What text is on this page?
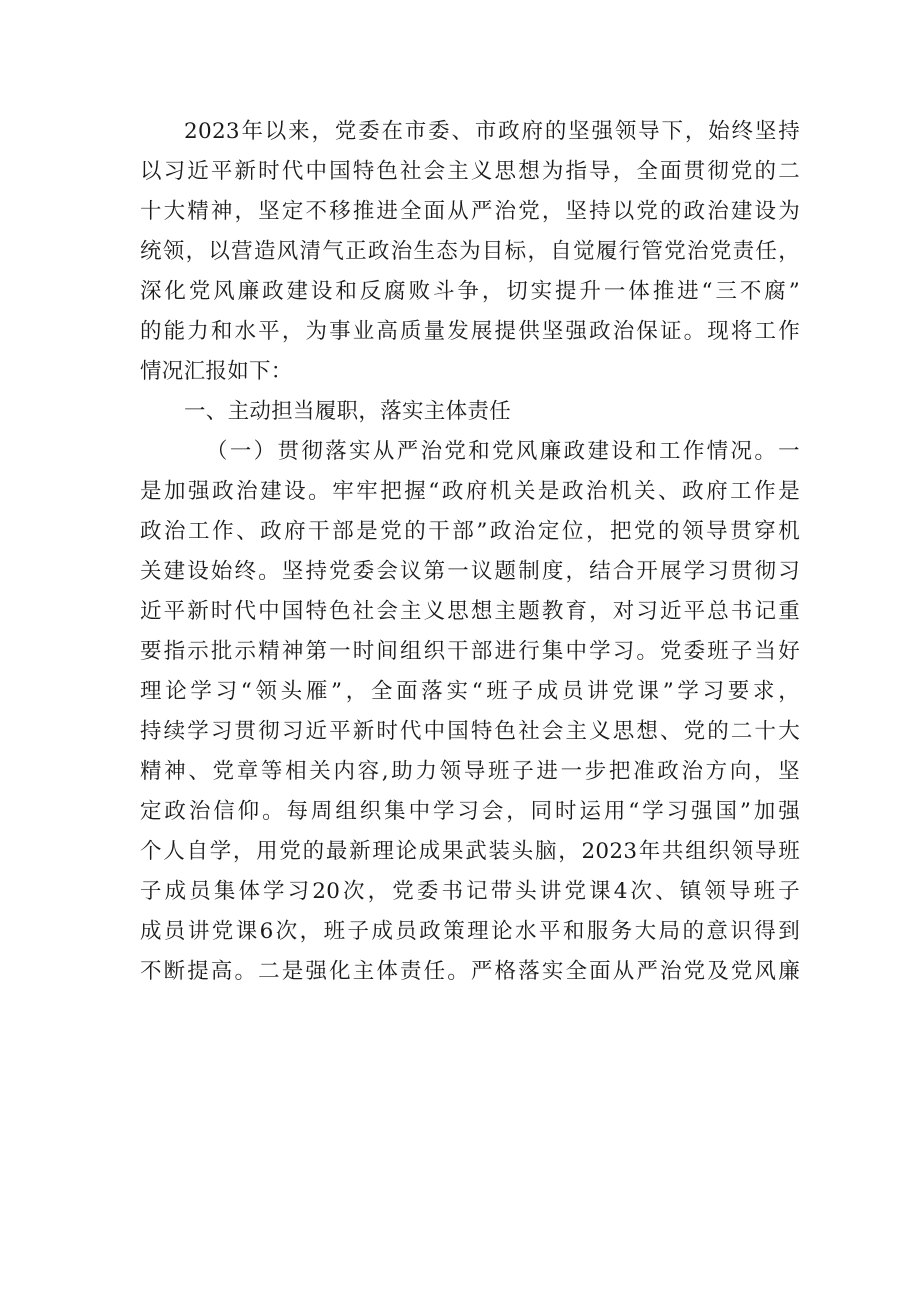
2023年以来，党委在市委、市政府的坚强领导下，始终坚持
以习近平新时代中国特色社会主义思想为指导，全面贯彻党的二
十大精神，坚定不移推进全面从严治党，坚持以党的政治建设为
统领，以营造风清气正政治生态为目标，自觉履行管党治党责任，
深化党风廉政建设和反腐败斗争，切实提升一体推进“三不腐”
的能力和水平，为事业高质量发展提供坚强政治保证。现将工作
情况汇报如下：
一、主动担当履职，落实主体责任
（一）贯彻落实从严治党和党风廉政建设和工作情况。一
是加强政治建设。牢牢把握“政府机关是政治机关、政府工作是
政治工作、政府干部是党的干部”政治定位，把党的领导贯穿机
关建设始终。坚持党委会议第一议题制度，结合开展学习贯彻习
近平新时代中国特色社会主义思想主题教育，对习近平总书记重
要指示批示精神第一时间组织干部进行集中学习。党委班子当好
理论学习“领头雁”，全面落实“班子成员讲党课”学习要求，
持续学习贯彻习近平新时代中国特色社会主义思想、党的二十大
精神、党章等相关内容,助力领导班子进一步把准政治方向，坚
定政治信仰。每周组织集中学习会，同时运用“学习强国”加强
个人自学，用党的最新理论成果武装头脑，2023年共组织领导班
子成员集体学习20次，党委书记带头讲党课4次、镇领导班子
成员讲党课6次，班子成员政策理论水平和服务大局的意识得到
不断提高。二是强化主体责任。严格落实全面从严治党及党风廉
